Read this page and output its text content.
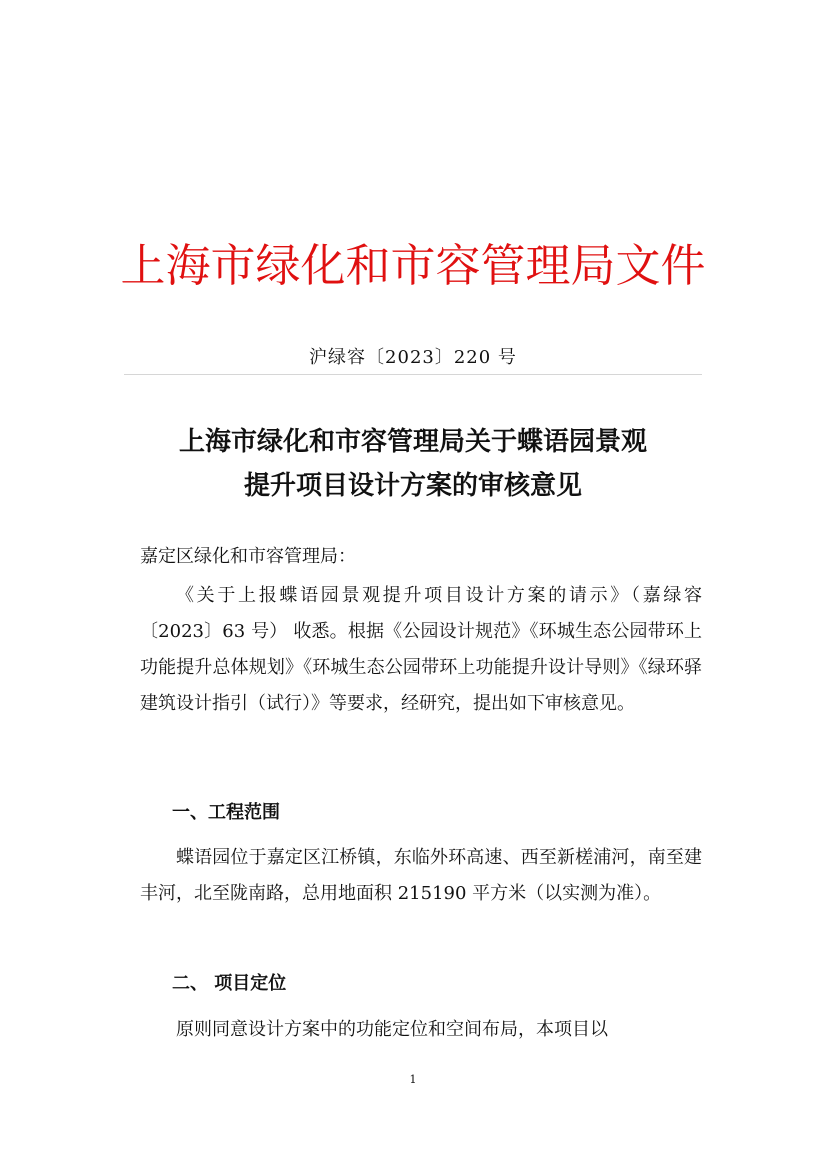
上海市绿化和市容管理局文件
沪绿容〔2023〕220 号
上海市绿化和市容管理局关于蝶语园景观
提升项目设计方案的审核意见
嘉定区绿化和市容管理局：

《关于上报蝶语园景观提升项目设计方案的请示》（嘉绿容〔2023〕63 号） 收悉。根据《公园设计规范》《环城生态公园带环上功能提升总体规划》《环城生态公园带环上功能提升设计导则》《绿环驿建筑设计指引（试行）》等要求，经研究，提出如下审核意见。

一、工程范围

蝶语园位于嘉定区江桥镇，东临外环高速、西至新槎浦河，南至建丰河，北至陇南路，总用地面积 215190 平方米（以实测为准）。

二、 项目定位

原则同意设计方案中的功能定位和空间布局，本项目以

1
